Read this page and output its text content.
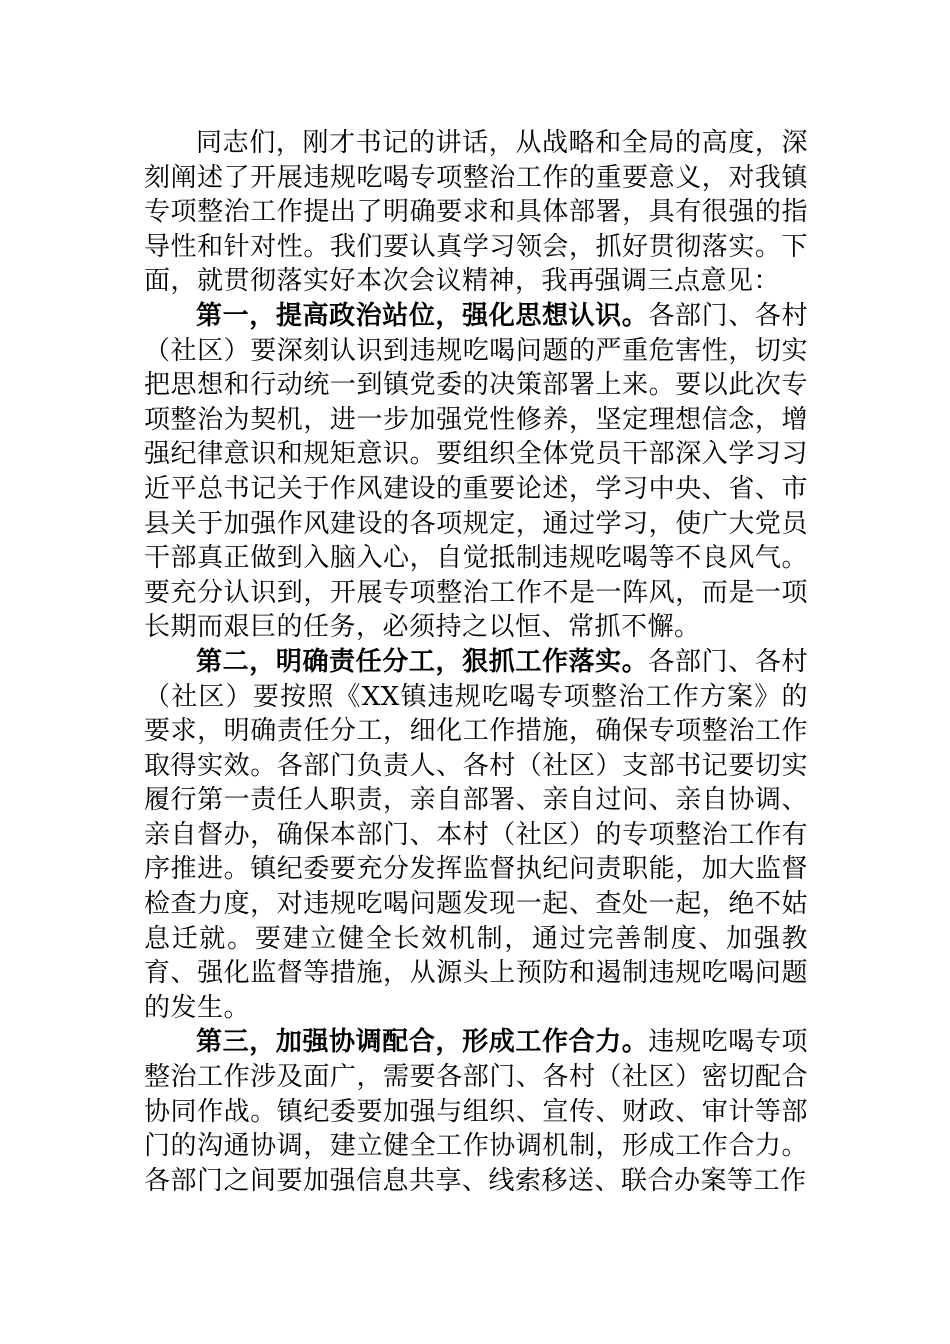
同志们，刚才书记的讲话，从战略和全局的高度，深刻阐述了开展违规吃喝专项整治工作的重要意义，对我镇专项整治工作提出了明确要求和具体部署，具有很强的指导性和针对性。我们要认真学习领会，抓好贯彻落实。下面，就贯彻落实好本次会议精神，我再强调三点意见：

第一，提高政治站位，强化思想认识。各部门、各村（社区）要深刻认识到违规吃喝问题的严重危害性，切实把思想和行动统一到镇党委的决策部署上来。要以此次专项整治为契机，进一步加强党性修养，坚定理想信念，增强纪律意识和规矩意识。要组织全体党员干部深入学习习近平总书记关于作风建设的重要论述，学习中央、省、市县关于加强作风建设的各项规定，通过学习，使广大党员干部真正做到入脑入心，自觉抵制违规吃喝等不良风气。要充分认识到，开展专项整治工作不是一阵风，而是一项长期而艰巨的任务，必须持之以恒、常抓不懈。

第二，明确责任分工，狠抓工作落实。各部门、各村（社区）要按照《XX镇违规吃喝专项整治工作方案》的要求，明确责任分工，细化工作措施，确保专项整治工作取得实效。各部门负责人、各村（社区）支部书记要切实履行第一责任人职责，亲自部署、亲自过问、亲自协调、亲自督办，确保本部门、本村（社区）的专项整治工作有序推进。镇纪委要充分发挥监督执纪问责职能，加大监督检查力度，对违规吃喝问题发现一起、查处一起，绝不姑息迁就。要建立健全长效机制，通过完善制度、加强教育、强化监督等措施，从源头上预防和遏制违规吃喝问题的发生。

第三，加强协调配合，形成工作合力。违规吃喝专项整治工作涉及面广，需要各部门、各村（社区）密切配合协同作战。镇纪委要加强与组织、宣传、财政、审计等部门的沟通协调，建立健全工作协调机制，形成工作合力。各部门之间要加强信息共享、线索移送、联合办案等工作
